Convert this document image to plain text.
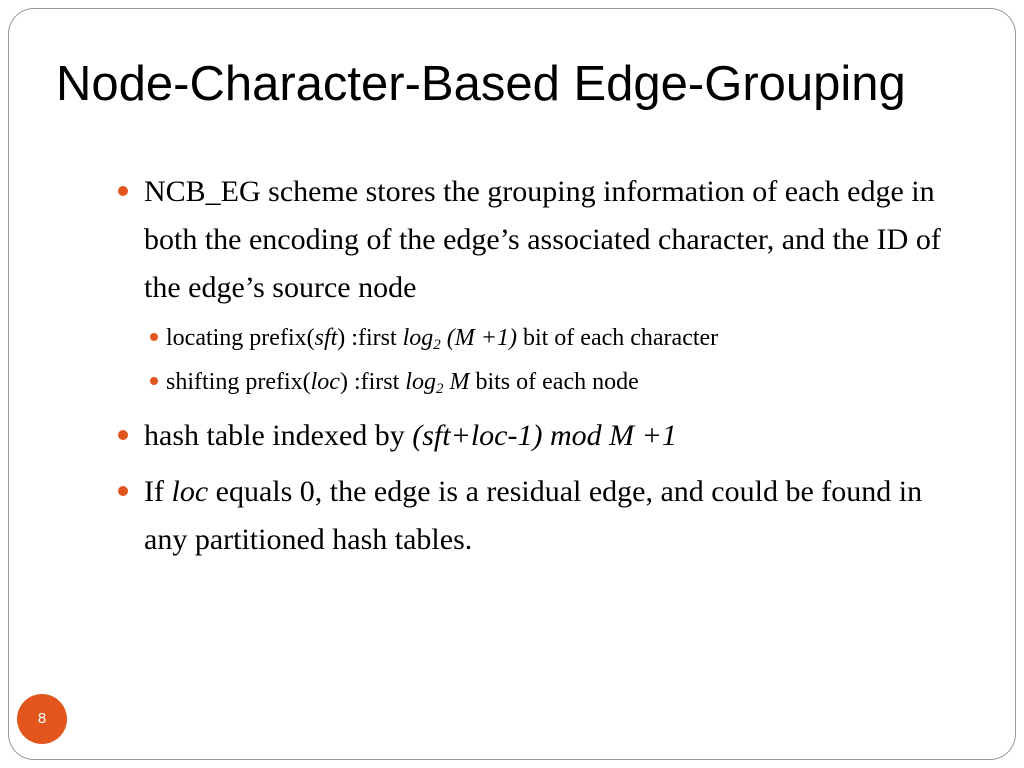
Node-Character-Based Edge-Grouping
NCB_EG scheme stores the grouping information of each edge in both the encoding of the edge’s associated character, and the ID of the edge’s source node
locating prefix(sft) :first $\log_2 (M +1)$ bit of each character
shifting prefix(loc) :first $\log_2 M$ bits of each node
hash table indexed by (sft+loc-1) mod M +1
If loc equals 0, the edge is a residual edge, and could be found in any partitioned hash tables.
8
